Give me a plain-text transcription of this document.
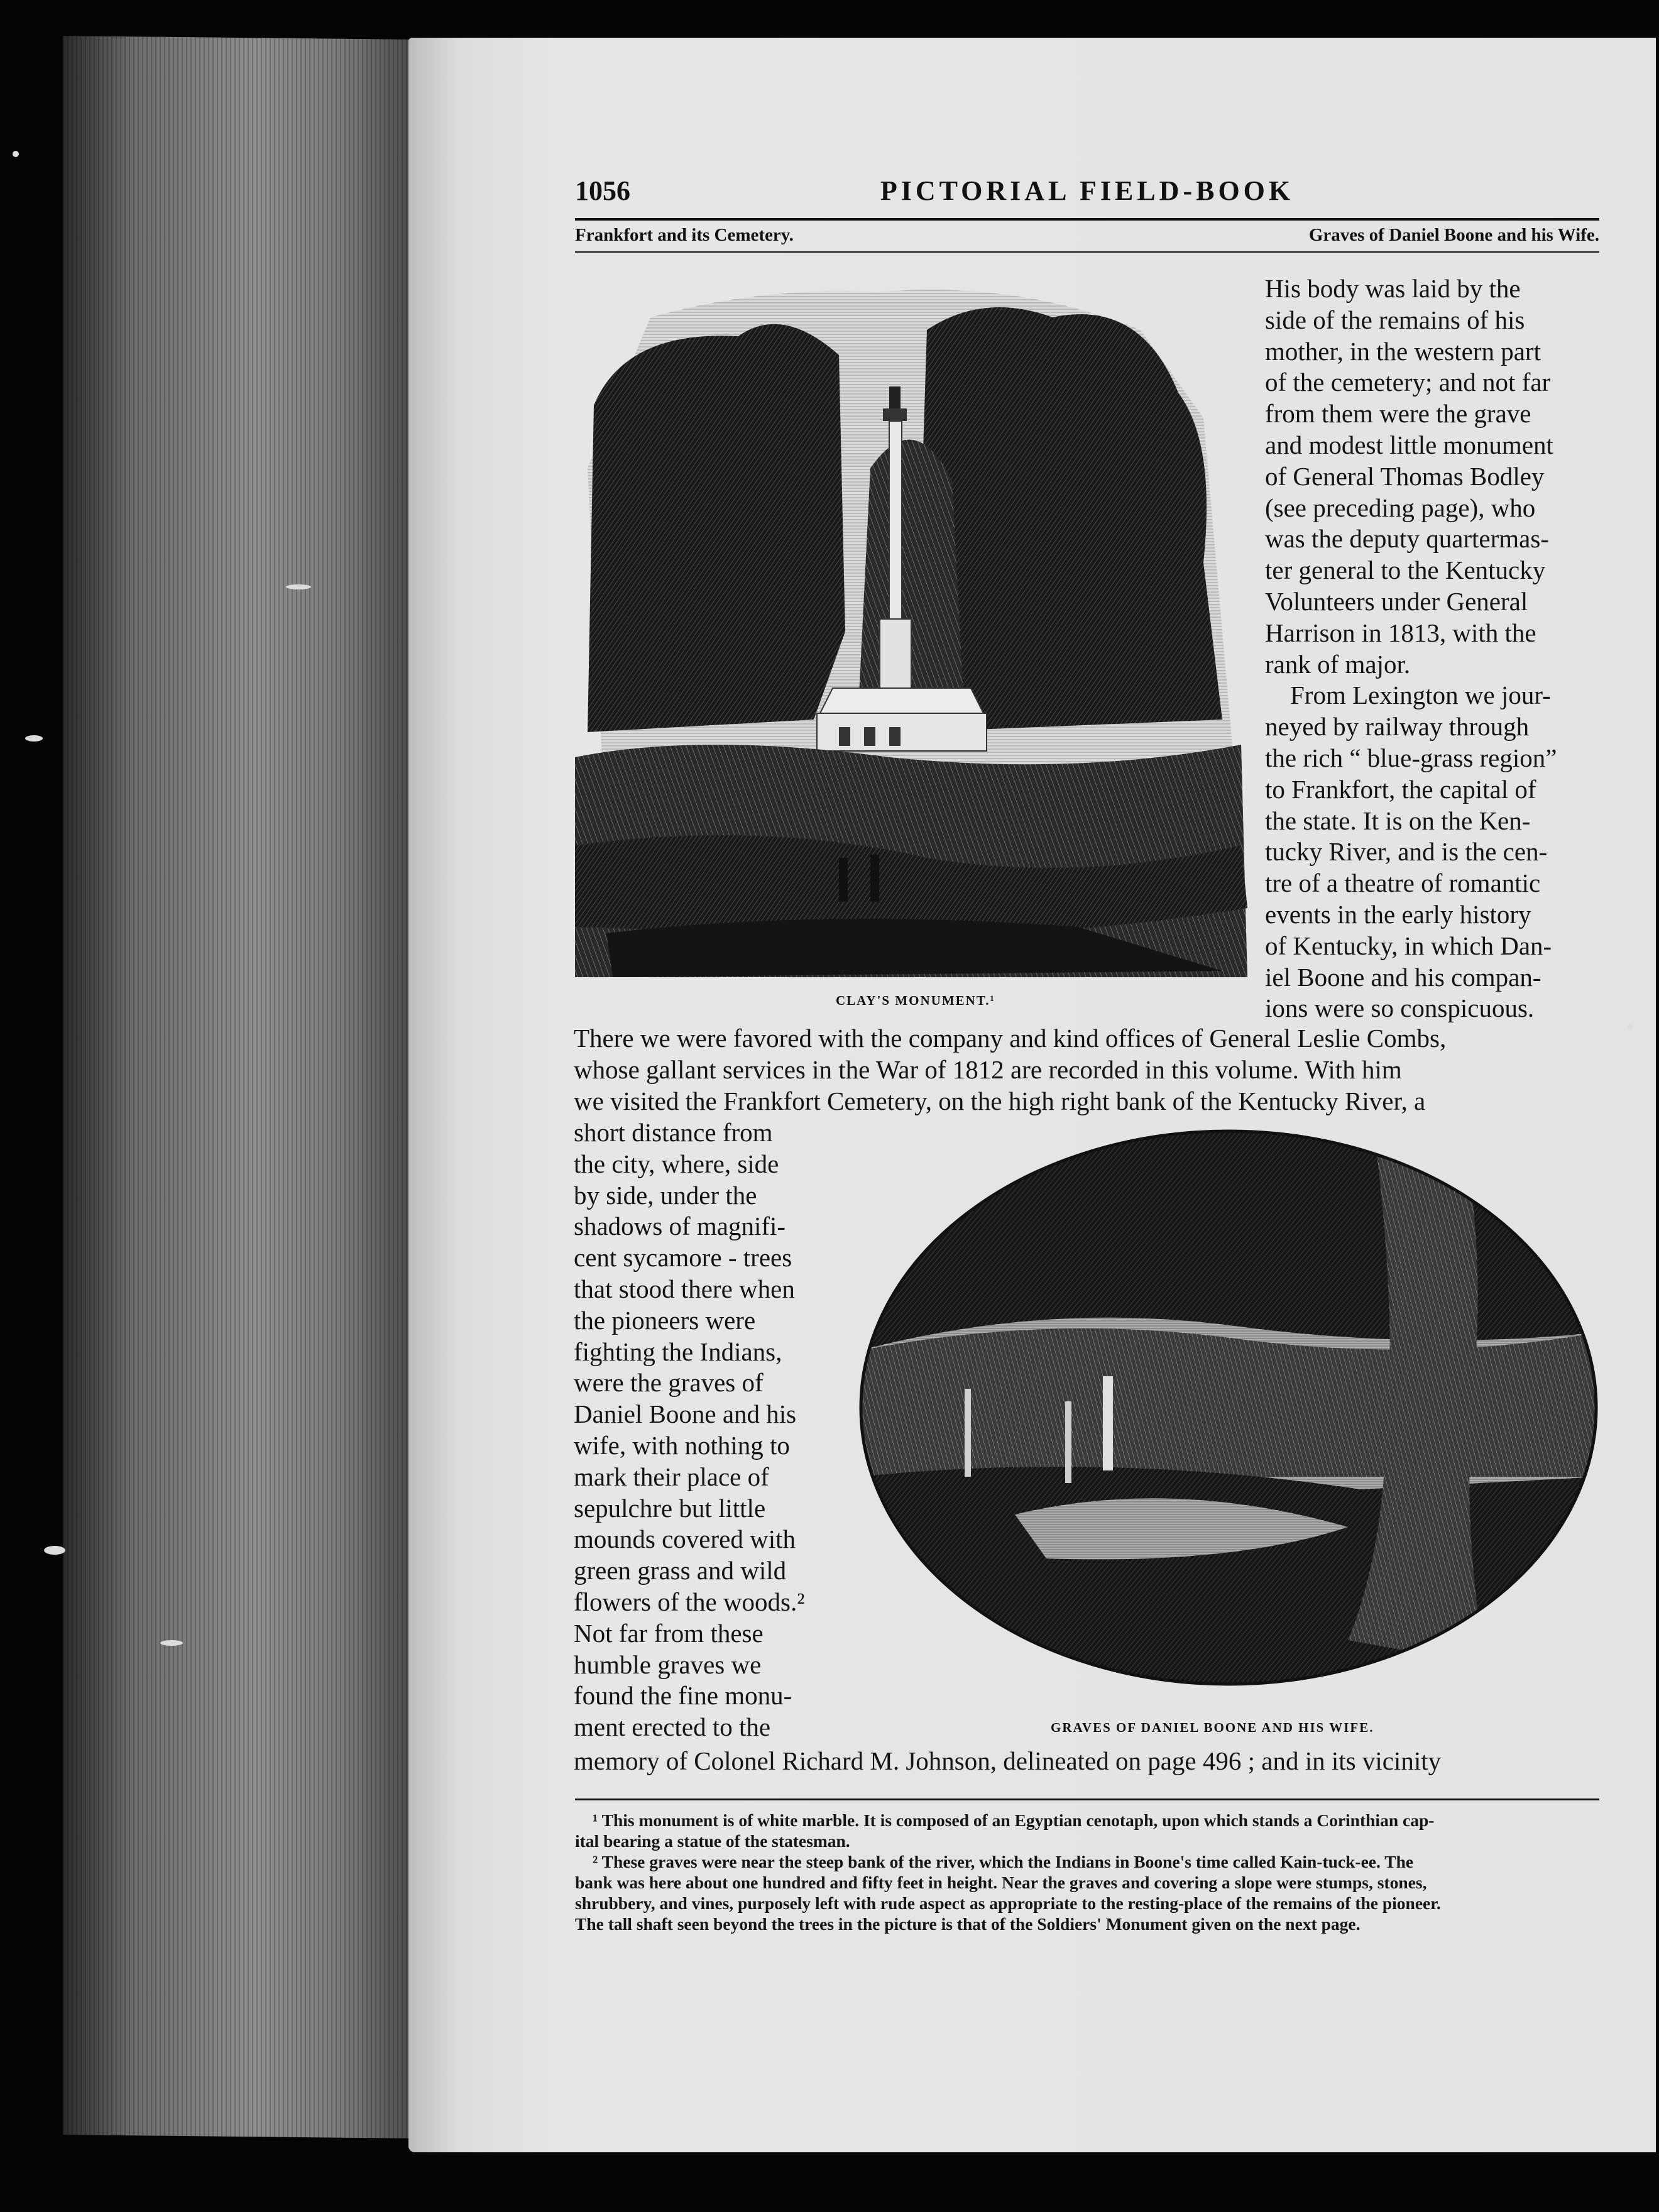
1056	PICTORIAL FIELD-BOOK
Frankfort and its Cemetery.	Graves of Daniel Boone and his Wife.
CLAY'S MONUMENT.¹

His body was laid by the
side of the remains of his
mother, in the western part
of the cemetery; and not far
from them were the grave
and modest little monument
of General Thomas Bodley
(see preceding page), who
was the deputy quartermas-
ter general to the Kentucky
Volunteers under General
Harrison in 1813, with the
rank of major.
From Lexington we jour-
neyed by railway through
the rich “ blue-grass region”
to Frankfort, the capital of
the state. It is on the Ken-
tucky River, and is the cen-
tre of a theatre of romantic
events in the early history
of Kentucky, in which Dan-
iel Boone and his compan-
ions were so conspicuous.

There we were favored with the company and kind offices of General Leslie Combs,
whose gallant services in the War of 1812 are recorded in this volume. With him
we visited the Frankfort Cemetery, on the high right bank of the Kentucky River, a

short distance from
the city, where, side
by side, under the
shadows of magnifi-
cent sycamore - trees
that stood there when
the pioneers were
fighting the Indians,
were the graves of
Daniel Boone and his
wife, with nothing to
mark their place of
sepulchre but little
mounds covered with
green grass and wild
flowers of the woods.²
Not far from these
humble graves we
found the fine monu-
ment erected to the	GRAVES OF DANIEL BOONE AND HIS WIFE.

memory of Colonel Richard M. Johnson, delineated on page 496 ; and in its vicinity

¹ This monument is of white marble. It is composed of an Egyptian cenotaph, upon which stands a Corinthian cap-
ital bearing a statue of the statesman.
² These graves were near the steep bank of the river, which the Indians in Boone's time called Kain-tuck-ee. The
bank was here about one hundred and fifty feet in height. Near the graves and covering a slope were stumps, stones,
shrubbery, and vines, purposely left with rude aspect as appropriate to the resting-place of the remains of the pioneer.
The tall shaft seen beyond the trees in the picture is that of the Soldiers' Monument given on the next page.
